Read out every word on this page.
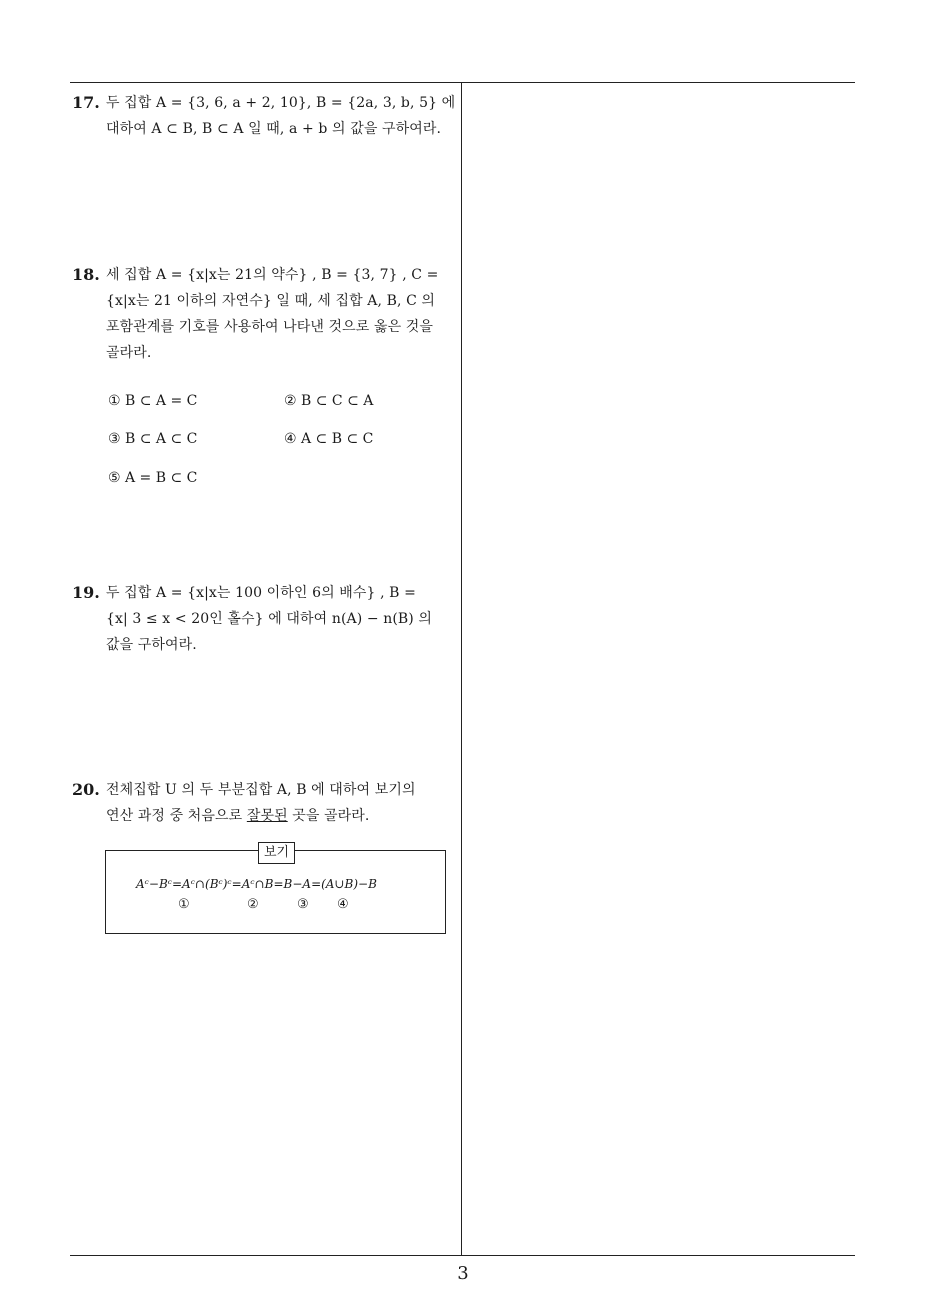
17. 두 집합 A = {3, 6, a + 2, 10}, B = {2a, 3, b, 5} 에
대하여 A ⊂ B, B ⊂ A 일 때, a + b 의 값을 구하여라.
18. 세 집합 A = {x|x는 21의 약수} , B = {3, 7} , C =
{x|x는 21 이하의 자연수} 일 때, 세 집합 A, B, C 의
포함관계를 기호를 사용하여 나타낸 것으로 옳은 것을
골라라.
① B ⊂ A = C	② B ⊂ C ⊂ A
③ B ⊂ A ⊂ C	④ A ⊂ B ⊂ C
⑤ A = B ⊂ C
19. 두 집합 A = {x|x는 100 이하인 6의 배수} , B =
{x| 3 ≤ x < 20인 홀수} 에 대하여 n(A) − n(B) 의
값을 구하여라.
20. 전체집합 U 의 두 부분집합 A, B 에 대하여 보기의
연산 과정 중 처음으로 잘못된 곳을 골라라.
보기
Aᶜ−Bᶜ=Aᶜ∩(Bᶜ)ᶜ=Aᶜ∩B=B−A=(A∪B)−B
①	②	③ ④
3
